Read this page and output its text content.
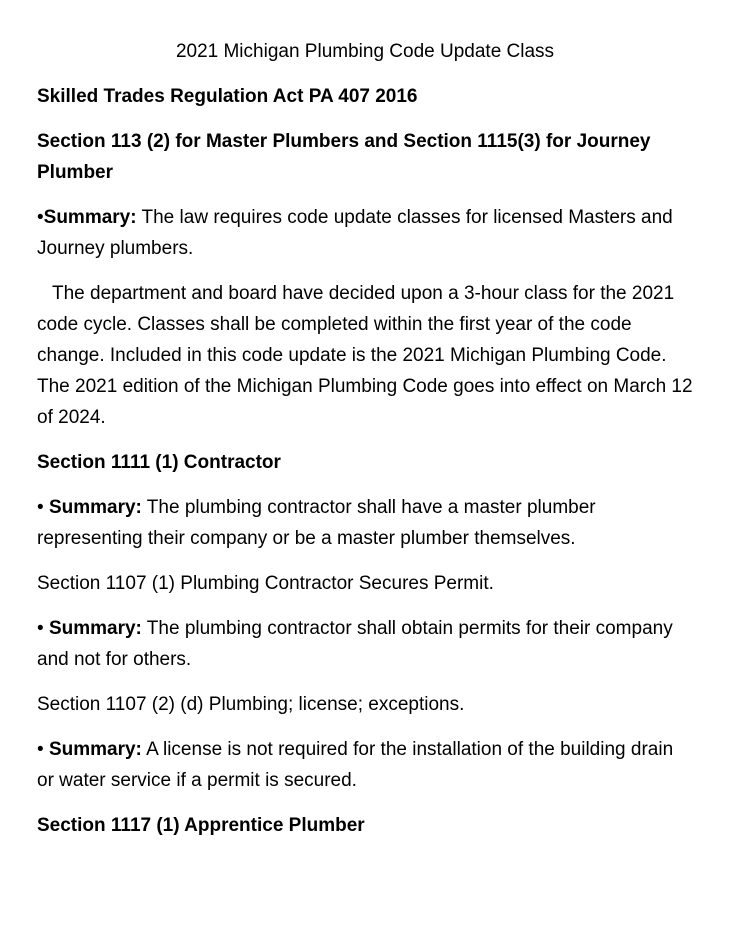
2021 Michigan Plumbing Code Update Class

Skilled Trades Regulation Act PA 407 2016

Section 113 (2) for Master Plumbers and Section 1115(3) for Journey Plumber

•Summary: The law requires code update classes for licensed Masters and Journey plumbers.

The department and board have decided upon a 3-hour class for the 2021 code cycle. Classes shall be completed within the first year of the code change. Included in this code update is the 2021 Michigan Plumbing Code. The 2021 edition of the Michigan Plumbing Code goes into effect on March 12 of 2024.

Section 1111 (1) Contractor

• Summary: The plumbing contractor shall have a master plumber representing their company or be a master plumber themselves.

Section 1107 (1) Plumbing Contractor Secures Permit.

• Summary: The plumbing contractor shall obtain permits for their company and not for others.

Section 1107 (2) (d) Plumbing; license; exceptions.

• Summary: A license is not required for the installation of the building drain or water service if a permit is secured.

Section 1117 (1) Apprentice Plumber
